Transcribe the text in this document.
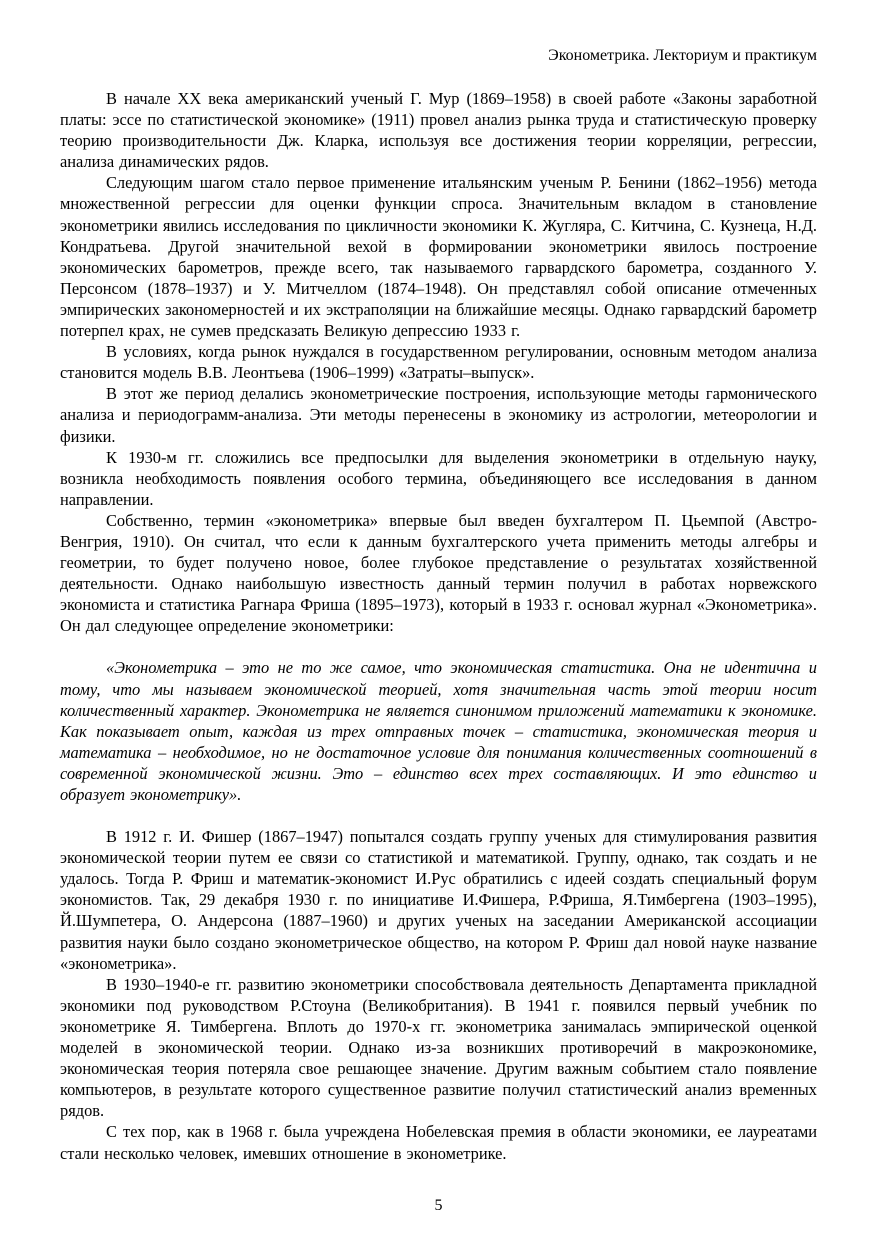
Эконометрика. Лекториум и практикум

В начале XX века американский ученый Г. Мур (1869–1958) в своей работе «Законы заработной платы: эссе по статистической экономике» (1911) провел анализ рынка труда и статистическую проверку теорию производительности Дж. Кларка, используя все достижения теории корреляции, регрессии, анализа динамических рядов.

Следующим шагом стало первое применение итальянским ученым Р. Бенини (1862–1956) метода множественной регрессии для оценки функции спроса. Значительным вкладом в становление эконометрики явились исследования по цикличности экономики К. Жугляра, С. Китчина, С. Кузнеца, Н.Д. Кондратьева. Другой значительной вехой в формировании эконометрики явилось построение экономических барометров, прежде всего, так называемого гарвардского барометра, созданного У. Персонсом (1878–1937) и У. Митчеллом (1874–1948). Он представлял собой описание отмеченных эмпирических закономерностей и их экстраполяции на ближайшие месяцы. Однако гарвардский барометр потерпел крах, не сумев предсказать Великую депрессию 1933 г.

В условиях, когда рынок нуждался в государственном регулировании, основным методом анализа становится модель В.В. Леонтьева (1906–1999) «Затраты–выпуск».

В этот же период делались эконометрические построения, использующие методы гармонического анализа и периодограмм-анализа. Эти методы перенесены в экономику из астрологии, метеорологии и физики.

К 1930-м гг. сложились все предпосылки для выделения эконометрики в отдельную науку, возникла необходимость появления особого термина, объединяющего все исследования в данном направлении.

Собственно, термин «эконометрика» впервые был введен бухгалтером П. Цьемпой (Австро-Венгрия, 1910). Он считал, что если к данным бухгалтерского учета применить методы алгебры и геометрии, то будет получено новое, более глубокое представление о результатах хозяйственной деятельности. Однако наибольшую известность данный термин получил в работах норвежского экономиста и статистика Рагнара Фриша (1895–1973), который в 1933 г. основал журнал «Эконометрика». Он дал следующее определение эконометрики:

«Эконометрика – это не то же самое, что экономическая статистика. Она не идентична и тому, что мы называем экономической теорией, хотя значительная часть этой теории носит количественный характер. Эконометрика не является синонимом приложений математики к экономике. Как показывает опыт, каждая из трех отправных точек – статистика, экономическая теория и математика – необходимое, но не достаточное условие для понимания количественных соотношений в современной экономической жизни. Это – единство всех трех составляющих. И это единство и образует эконометрику».

В 1912 г. И. Фишер (1867–1947) попытался создать группу ученых для стимулирования развития экономической теории путем ее связи со статистикой и математикой. Группу, однако, так создать и не удалось. Тогда Р. Фриш и математик-экономист И.Рус обратились с идеей создать специальный форум экономистов. Так, 29 декабря 1930 г. по инициативе И.Фишера, Р.Фриша, Я.Тимбергена (1903–1995), Й.Шумпетера, О. Андерсона (1887–1960) и других ученых на заседании Американской ассоциации развития науки было создано эконометрическое общество, на котором Р. Фриш дал новой науке название «эконометрика».

В 1930–1940-е гг. развитию эконометрики способствовала деятельность Департамента прикладной экономики под руководством Р.Стоуна (Великобритания). В 1941 г. появился первый учебник по эконометрике Я. Тимбергена. Вплоть до 1970-х гг. эконометрика занималась эмпирической оценкой моделей в экономической теории. Однако из-за возникших противоречий в макроэкономике, экономическая теория потеряла свое решающее значение. Другим важным событием стало появление компьютеров, в результате которого существенное развитие получил статистический анализ временных рядов.

С тех пор, как в 1968 г. была учреждена Нобелевская премия в области экономики, ее лауреатами стали несколько человек, имевших отношение в эконометрике.

5
